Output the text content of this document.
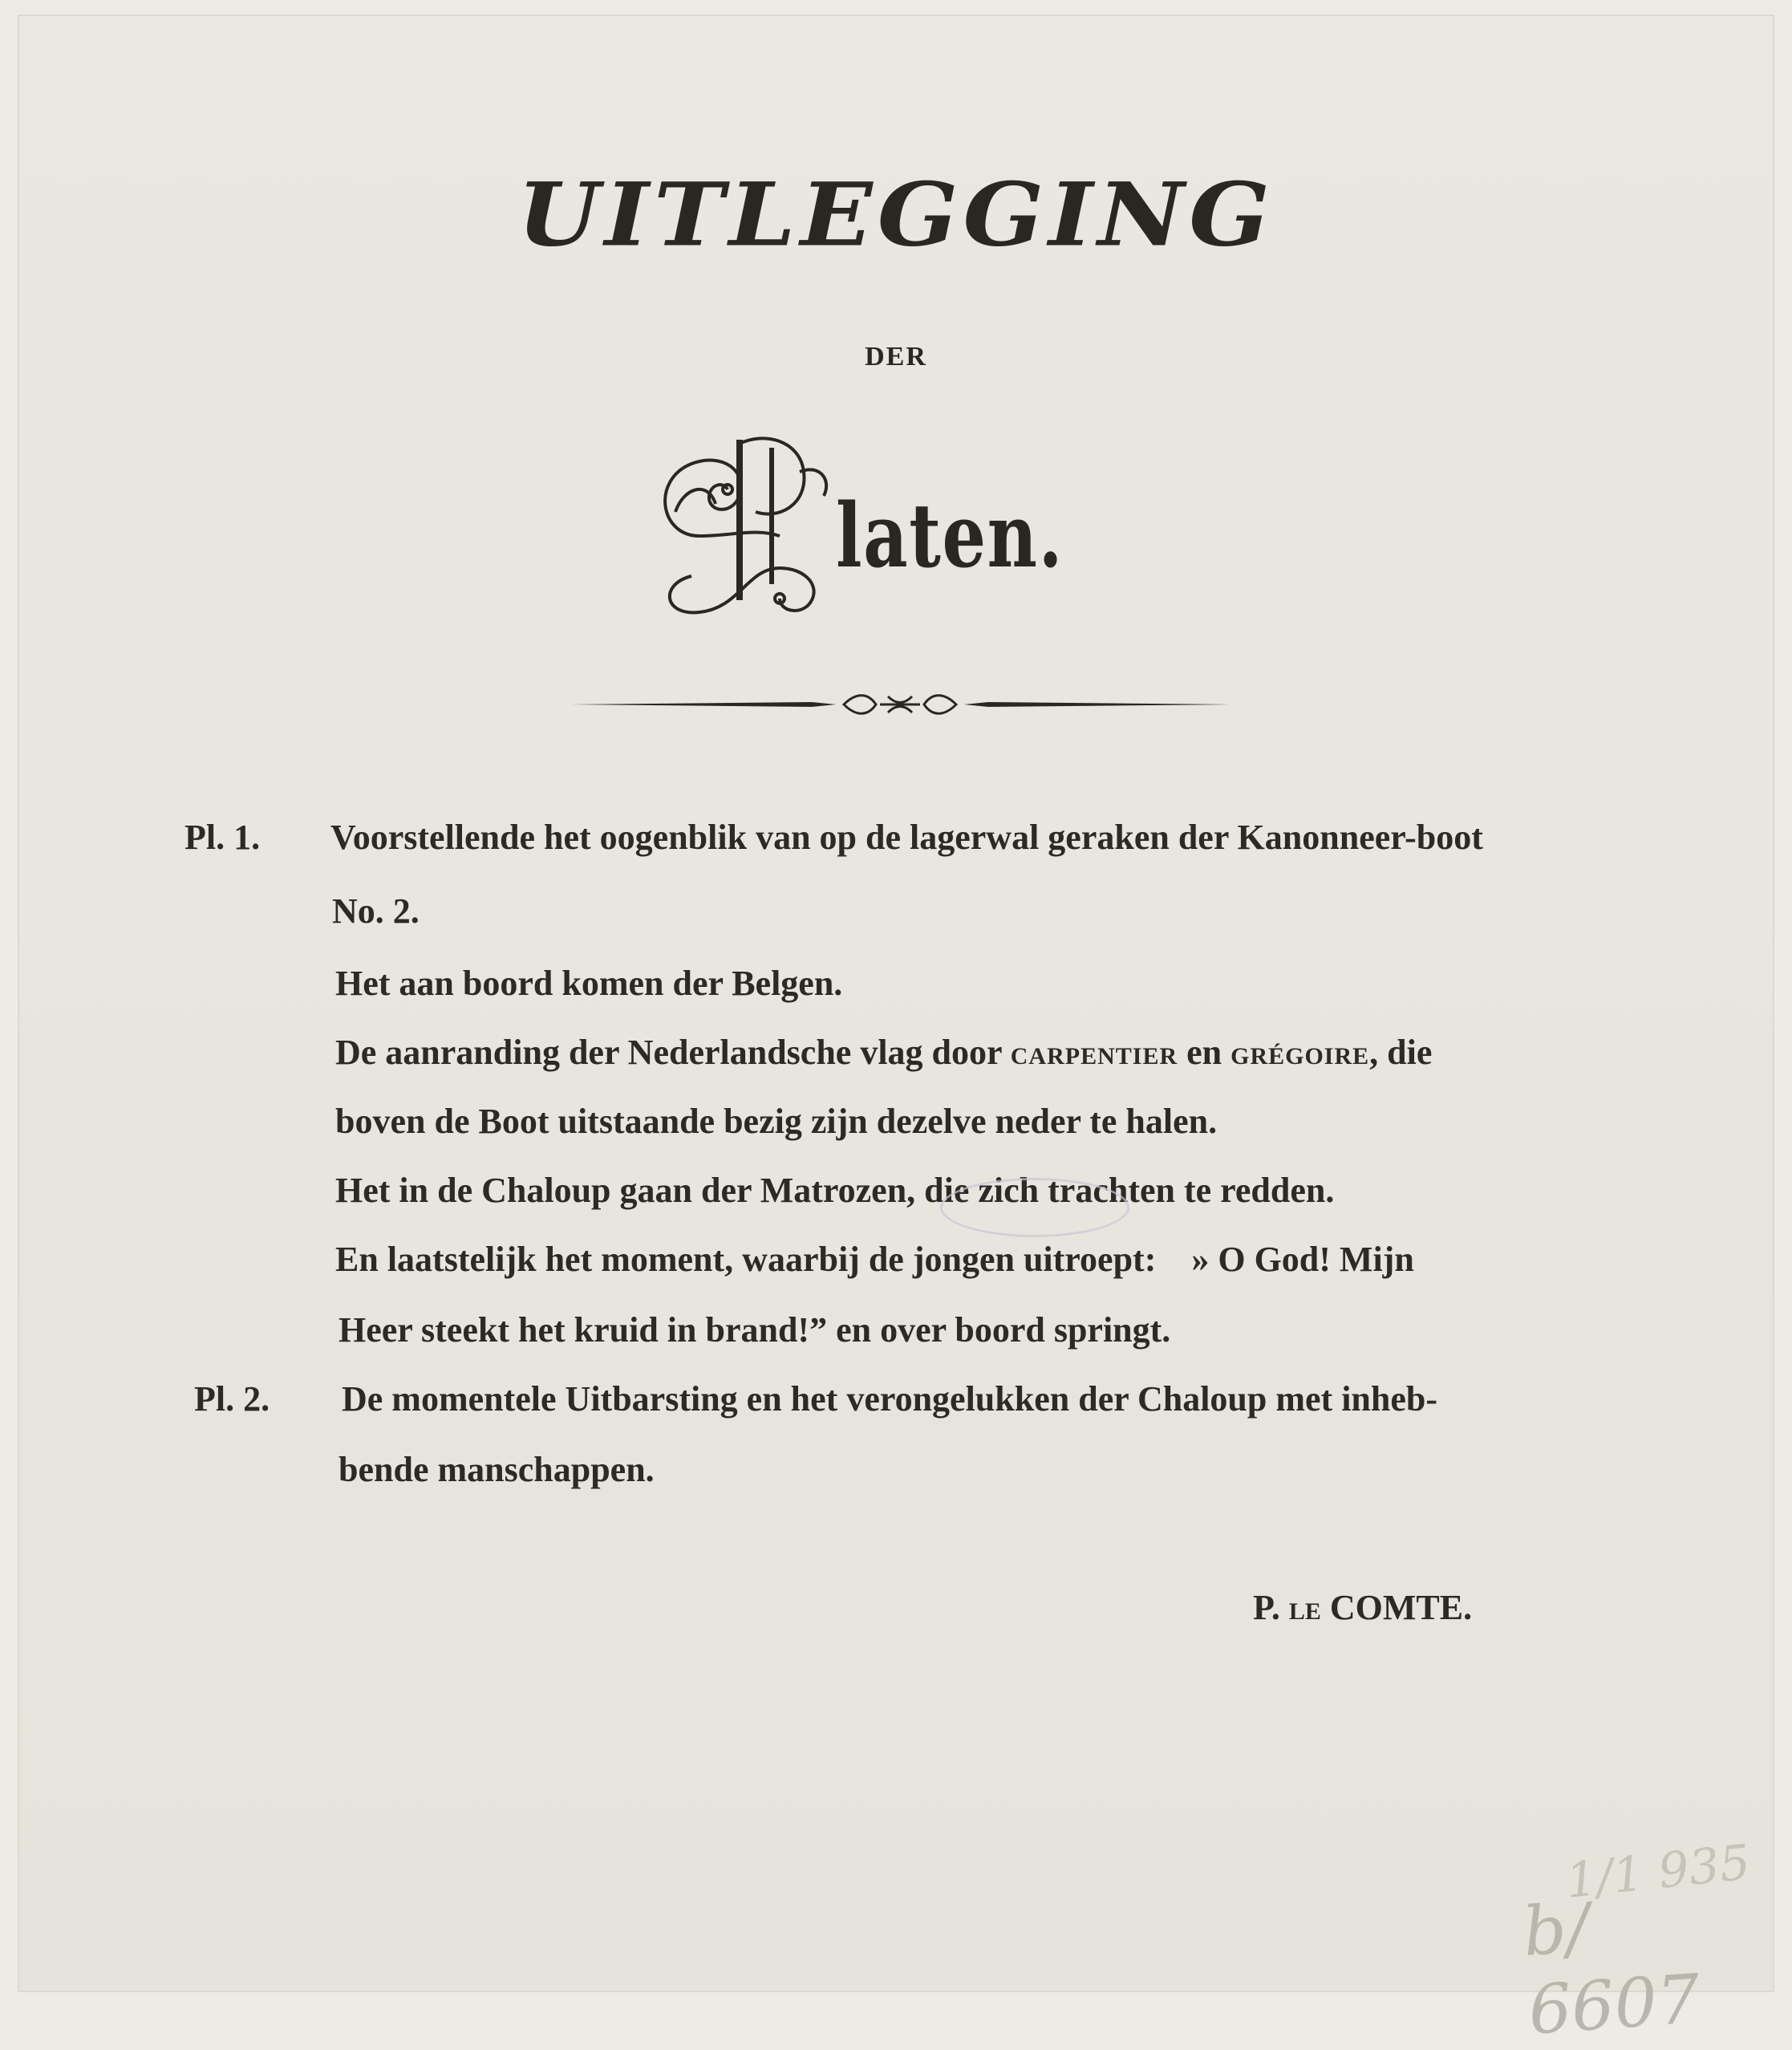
UITLEGGING
DER
laten.
Pl. 1. Voorstellende het oogenblik van op de lagerwal geraken der Kanonneer-boot
No. 2.
Het aan boord komen der Belgen.
De aanranding der Nederlandsche vlag door CARPENTIER en GRÉGOIRE, die
boven de Boot uitstaande bezig zijn dezelve neder te halen.
Het in de Chaloup gaan der Matrozen, die zich trachten te redden.
En laatstelijk het moment, waarbij de jongen uitroept: » O God! Mijn
Heer steekt het kruid in brand!” en over boord springt.
Pl. 2. De momentele Uitbarsting en het verongelukken der Chaloup met inheb-
bende manschappen.
P. LE COMTE.
1/1 935
b/ 6607
